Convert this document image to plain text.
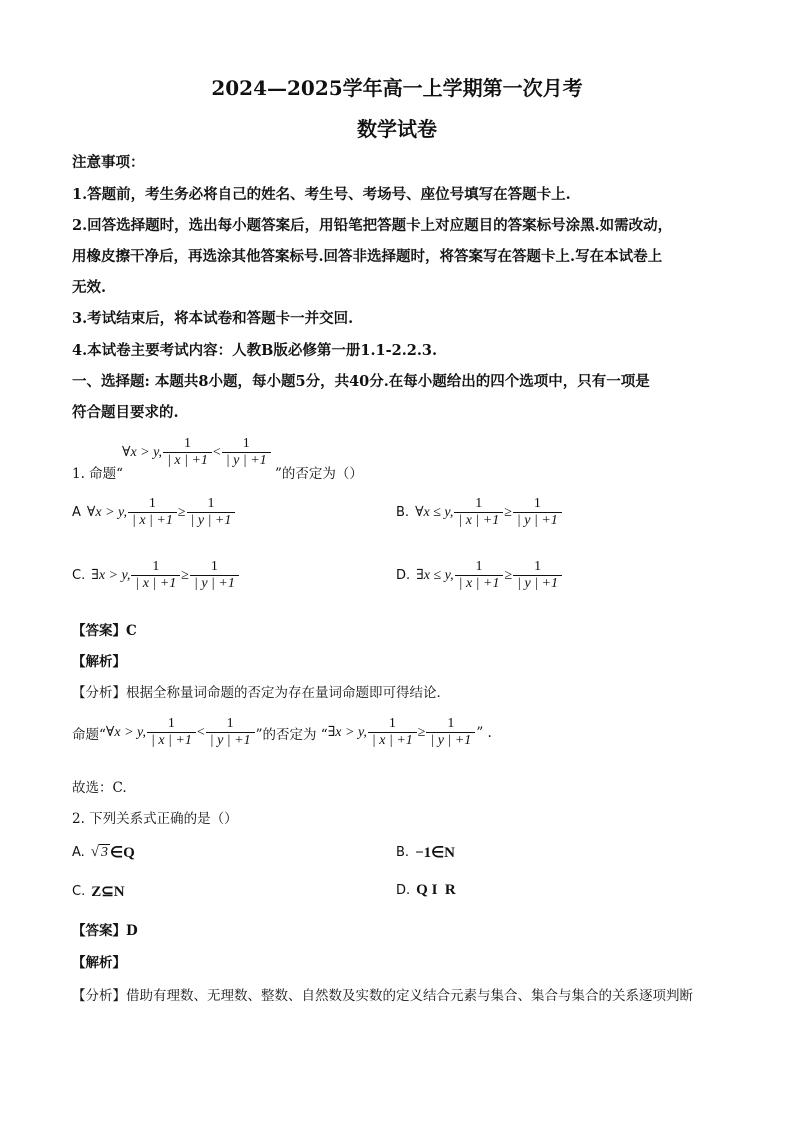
2024—2025学年高一上学期第一次月考
数学试卷
注意事项：
1.答题前，考生务必将自己的姓名、考生号、考场号、座位号填写在答题卡上.
2.回答选择题时，选出每小题答案后，用铅笔把答题卡上对应题目的答案标号涂黑.如需改动，
用橡皮擦干净后，再选涂其他答案标号.回答非选择题时，将答案写在答题卡上.写在本试卷上
无效.
3.考试结束后，将本试卷和答题卡一并交回.
4.本试卷主要考试内容：人教B版必修第一册1.1-2.2.3.
一、选择题: 本题共8小题，每小题5分，共40分.在每小题给出的四个选项中，只有一项是
符合题目要求的.
∀x > y, $\frac{1}{| x | +1} < \frac{1}{| y | +1}$
1. 命题“	”的否定为（）
A ∀x > y, $\frac{1}{| x | +1} \ge \frac{1}{| y | +1}$	B. ∀x ≤ y, $\frac{1}{| x | +1} \ge \frac{1}{| y | +1}$
C. ∃x > y, $\frac{1}{| x | +1} \ge \frac{1}{| y | +1}$	D. ∃x ≤ y, $\frac{1}{| x | +1} \ge \frac{1}{| y | +1}$
【答案】C
【解析】
【分析】根据全称量词命题的否定为存在量词命题即可得结论．
命题“ ∀x > y, $\frac{1}{| x | +1} < \frac{1}{| y | +1}$ ”的否定为 “ ∃x > y, $\frac{1}{| x | +1} \ge \frac{1}{| y | +1}$ ” .
故选：C.
2. 下列关系式正确的是（）
A. √ 3 ∈Q	B. −1∈N
C. Z⊆N	D. Q Ι  R
【答案】D
【解析】
【分析】借助有理数、无理数、整数、自然数及实数的定义结合元素与集合、集合与集合的关系逐项判断
